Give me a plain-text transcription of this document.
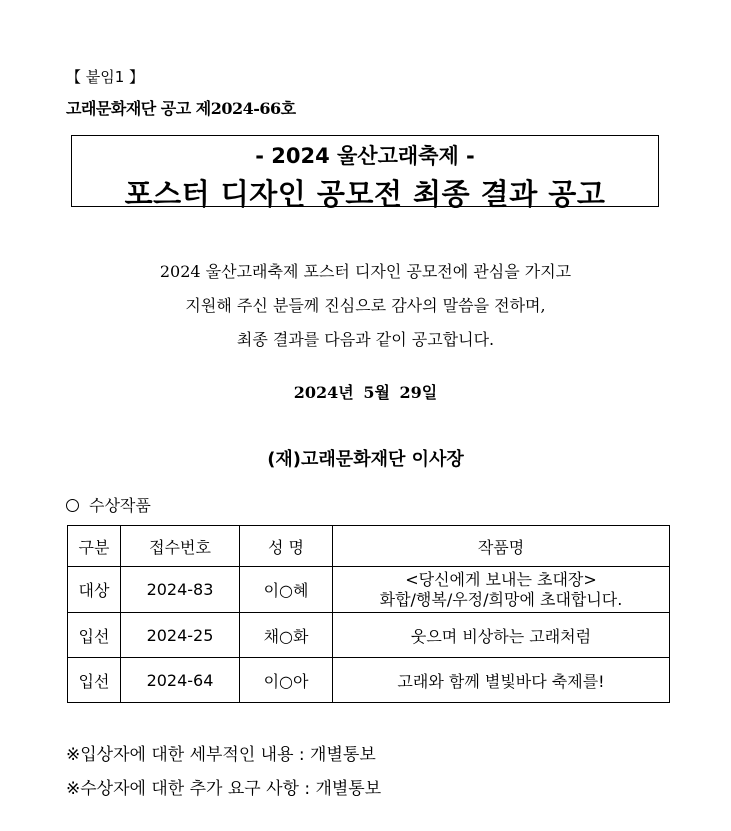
【 붙임1 】
고래문화재단 공고 제2024-66호
- 2024 울산고래축제 -
포스터 디자인 공모전 최종 결과 공고
2024 울산고래축제 포스터 디자인 공모전에 관심을 가지고
지원해 주신 분들께 진심으로 감사의 말씀을 전하며,
최종 결과를 다음과 같이 공고합니다.
2024년 5월 29일
(재)고래문화재단 이사장
수상작품
구분	접수번호	성 명	작품명
대상	2024-83	이○혜	<당신에게 보내는 초대장>
화합/행복/우정/희망에 초대합니다.

입선	2024-25	채○화	웃으며 비상하는 고래처럼
입선	2024-64	이○아	고래와 함께 별빛바다 축제를!
※입상자에 대한 세부적인 내용 : 개별통보
※수상자에 대한 추가 요구 사항 : 개별통보
